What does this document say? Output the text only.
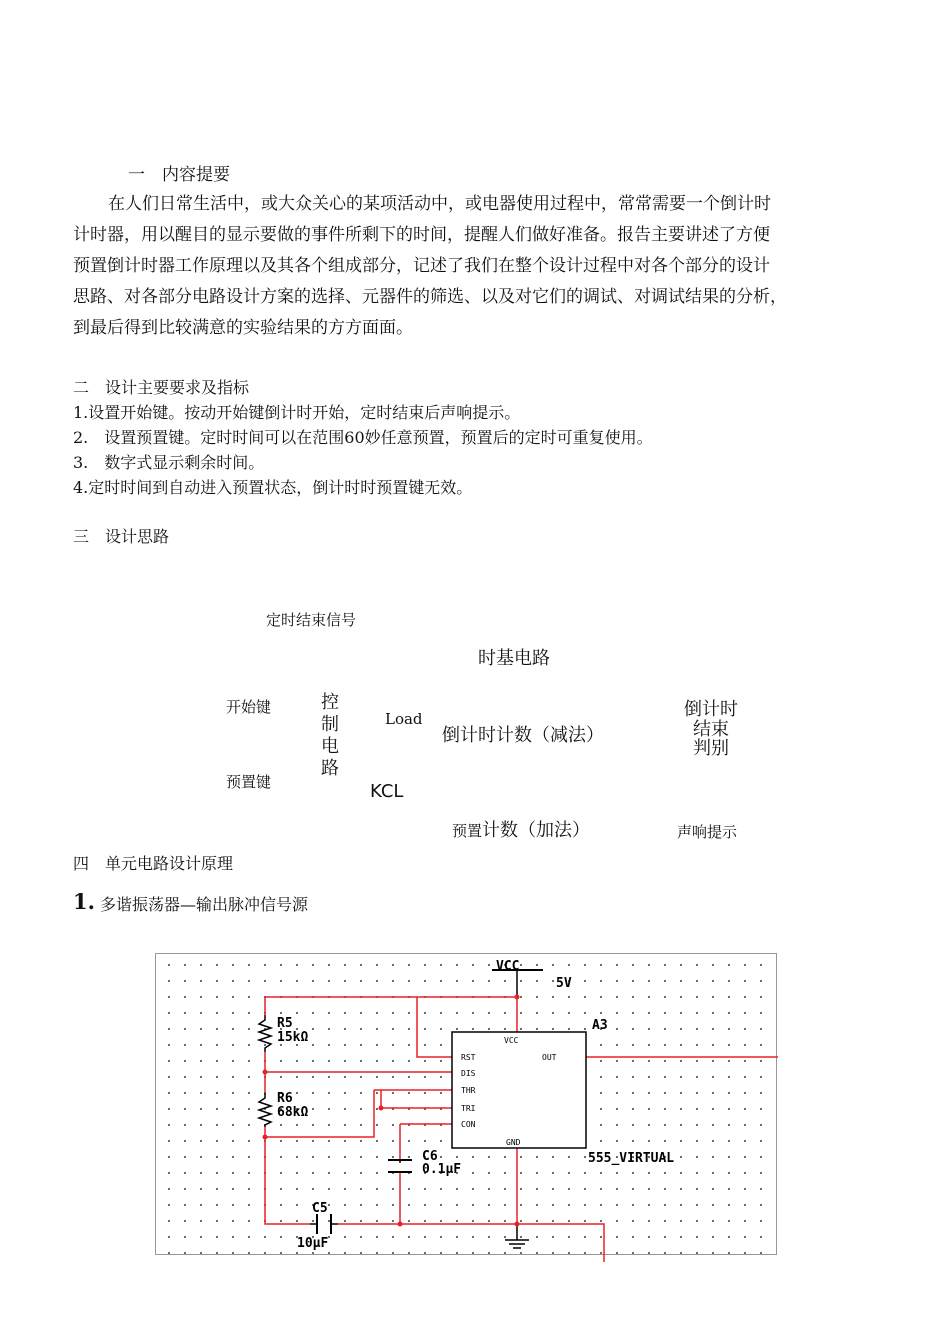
一　内容提要
在人们日常生活中，或大众关心的某项活动中，或电器使用过程中，常常需要一个倒计时
计时器，用以醒目的显示要做的事件所剩下的时间，提醒人们做好准备。报告主要讲述了方便
预置倒计时器工作原理以及其各个组成部分，记述了我们在整个设计过程中对各个部分的设计
思路、对各部分电路设计方案的选择、元器件的筛选、以及对它们的调试、对调试结果的分析，
到最后得到比较满意的实验结果的方方面面。
二　设计主要要求及指标
1.设置开始键。按动开始键倒计时开始，定时结束后声响提示。
2.　设置预置键。定时时间可以在范围60妙任意预置，预置后的定时可重复使用。
3.　数字式显示剩余时间。
4.定时时间到自动进入预置状态，倒计时时预置键无效。
三　设计思路
定时结束信号
时基电路
开始键
预置键
控制电路
Load
倒计时计数（减法）
倒计时
结束
判别
KCL
预置计数（加法）	声响提示
四　单元电路设计原理
1. 多谐振荡器—输出脉冲信号源
VCC
5V
A3
555_VIRTUAL
R5
15kΩ
R6
68kΩ
C6
0.1µF
C5
10µF
VCC
RST	OUT
DIS
THR
TRI
CON
GND
